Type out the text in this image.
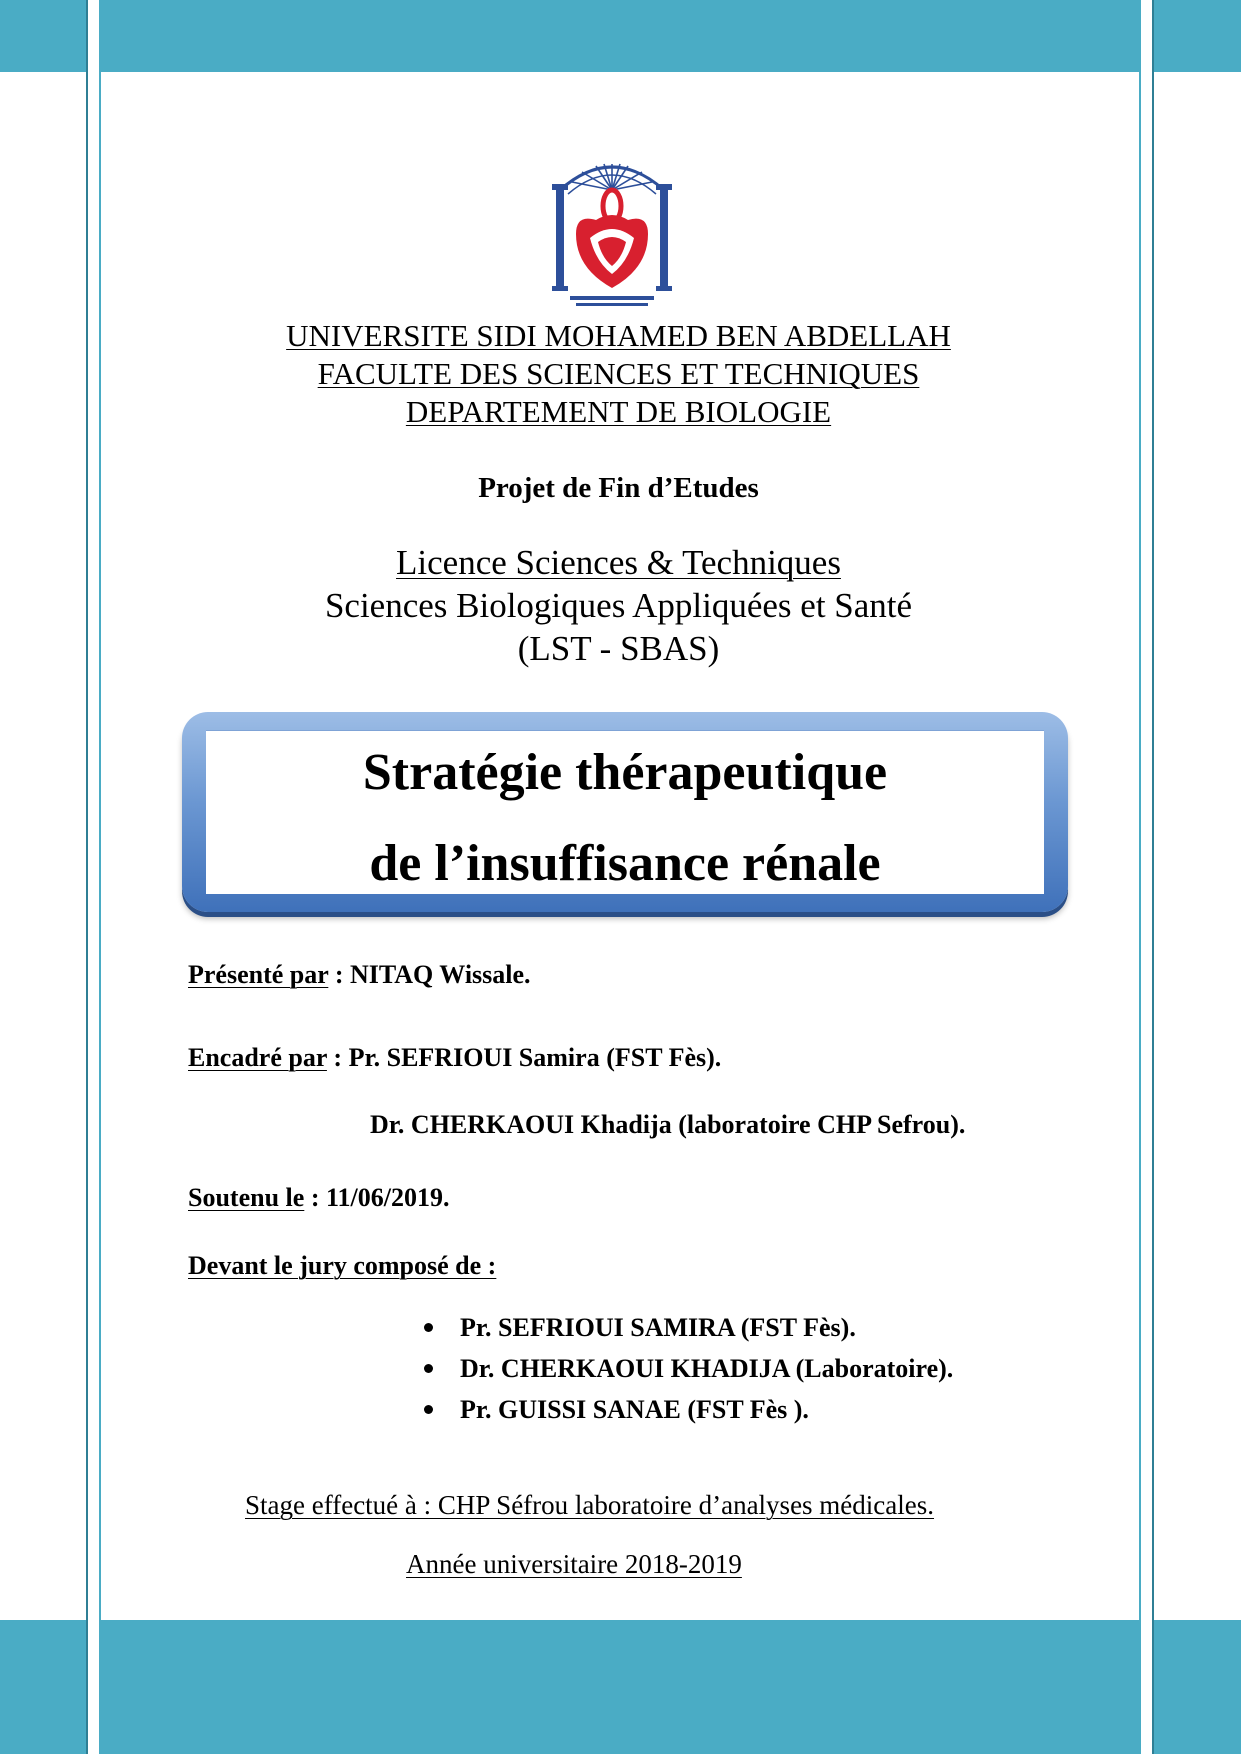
UNIVERSITE SIDI MOHAMED BEN ABDELLAH
FACULTE DES SCIENCES ET TECHNIQUES
DEPARTEMENT DE BIOLOGIE
Projet de Fin d’Etudes
Licence Sciences & Techniques
Sciences Biologiques Appliquées et Santé
(LST - SBAS)
Stratégie thérapeutique
de l’insuffisance rénale
Présenté par : NITAQ Wissale.
Encadré par : Pr. SEFRIOUI Samira (FST Fès).
Dr. CHERKAOUI Khadija (laboratoire CHP Sefrou).
Soutenu le : 11/06/2019.
Devant le jury composé de :
Pr. SEFRIOUI SAMIRA (FST Fès).
Dr. CHERKAOUI KHADIJA (Laboratoire).
Pr. GUISSI SANAE (FST Fès ).
Stage effectué à : CHP Séfrou laboratoire d’analyses médicales.
Année universitaire 2018-2019
